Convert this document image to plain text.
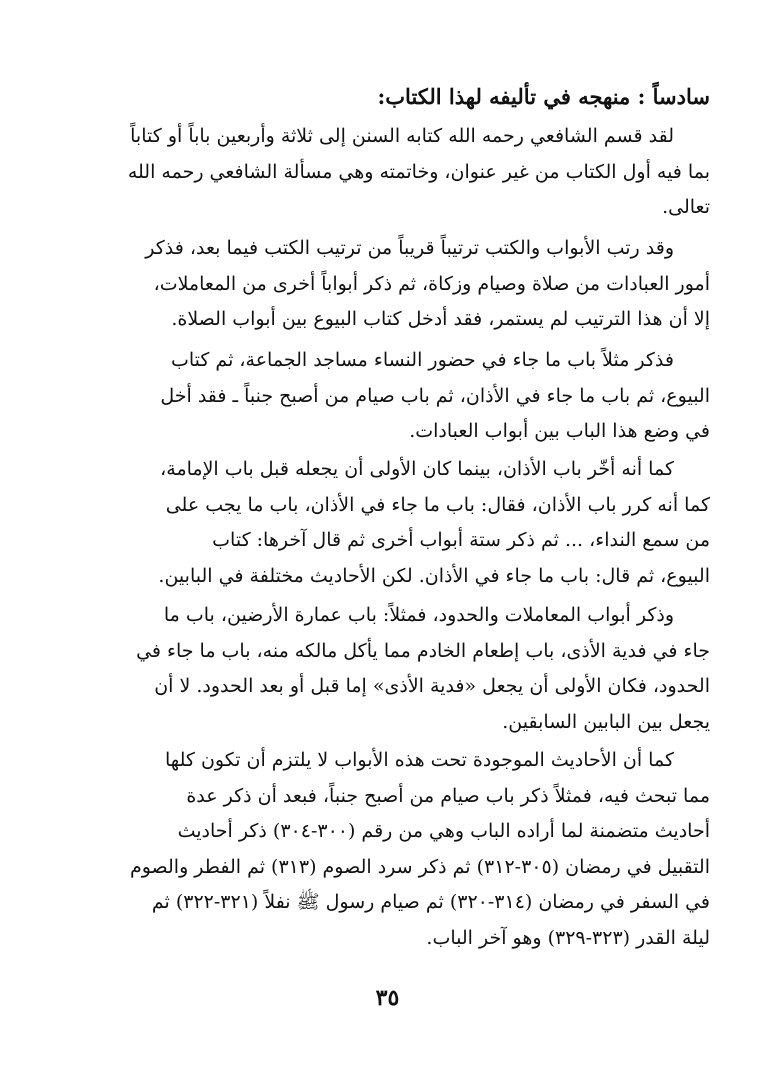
سادساً : منهجه في تأليفه لهذا الكتاب:

لقد قسم الشافعي رحمه الله كتابه السنن إلى ثلاثة وأربعين باباً أو كتاباً
بما فيه أول الكتاب من غير عنوان، وخاتمته وهي مسألة الشافعي رحمه الله
تعالى.

وقد رتب الأبواب والكتب ترتيباً قريباً من ترتيب الكتب فيما بعد، فذكر
أمور العبادات من صلاة وصيام وزكاة، ثم ذكر أبواباً أخرى من المعاملات،
إلا أن هذا الترتيب لم يستمر، فقد أدخل كتاب البيوع بين أبواب الصلاة.

فذكر مثلاً باب ما جاء في حضور النساء مساجد الجماعة، ثم كتاب
البيوع، ثم باب ما جاء في الأذان، ثم باب صيام من أصبح جنباً ـ فقد أخل
في وضع هذا الباب بين أبواب العبادات.

كما أنه أخّر باب الأذان، بينما كان الأولى أن يجعله قبل باب الإمامة،
كما أنه كرر باب الأذان، فقال: باب ما جاء في الأذان، باب ما يجب على
من سمع النداء، ... ثم ذكر ستة أبواب أخرى ثم قال آخرها: كتاب
البيوع، ثم قال: باب ما جاء في الأذان. لكن الأحاديث مختلفة في البابين.

وذكر أبواب المعاملات والحدود، فمثلاً: باب عمارة الأرضين، باب ما
جاء في فدية الأذى، باب إطعام الخادم مما يأكل مالكه منه، باب ما جاء في
الحدود، فكان الأولى أن يجعل «فدية الأذى» إما قبل أو بعد الحدود. لا أن
يجعل بين البابين السابقين.

كما أن الأحاديث الموجودة تحت هذه الأبواب لا يلتزم أن تكون كلها
مما تبحث فيه، فمثلاً ذكر باب صيام من أصبح جنباً، فبعد أن ذكر عدة
أحاديث متضمنة لما أراده الباب وهي من رقم (٣٠٠-٣٠٤) ذكر أحاديث
التقبيل في رمضان (٣٠٥-٣١٢) ثم ذكر سرد الصوم (٣١٣) ثم الفطر والصوم
في السفر في رمضان (٣١٤-٣٢٠) ثم صيام رسول ﷺ نفلاً (٣٢١-٣٢٢) ثم
ليلة القدر (٣٢٣-٣٢٩) وهو آخر الباب.

٣٥
